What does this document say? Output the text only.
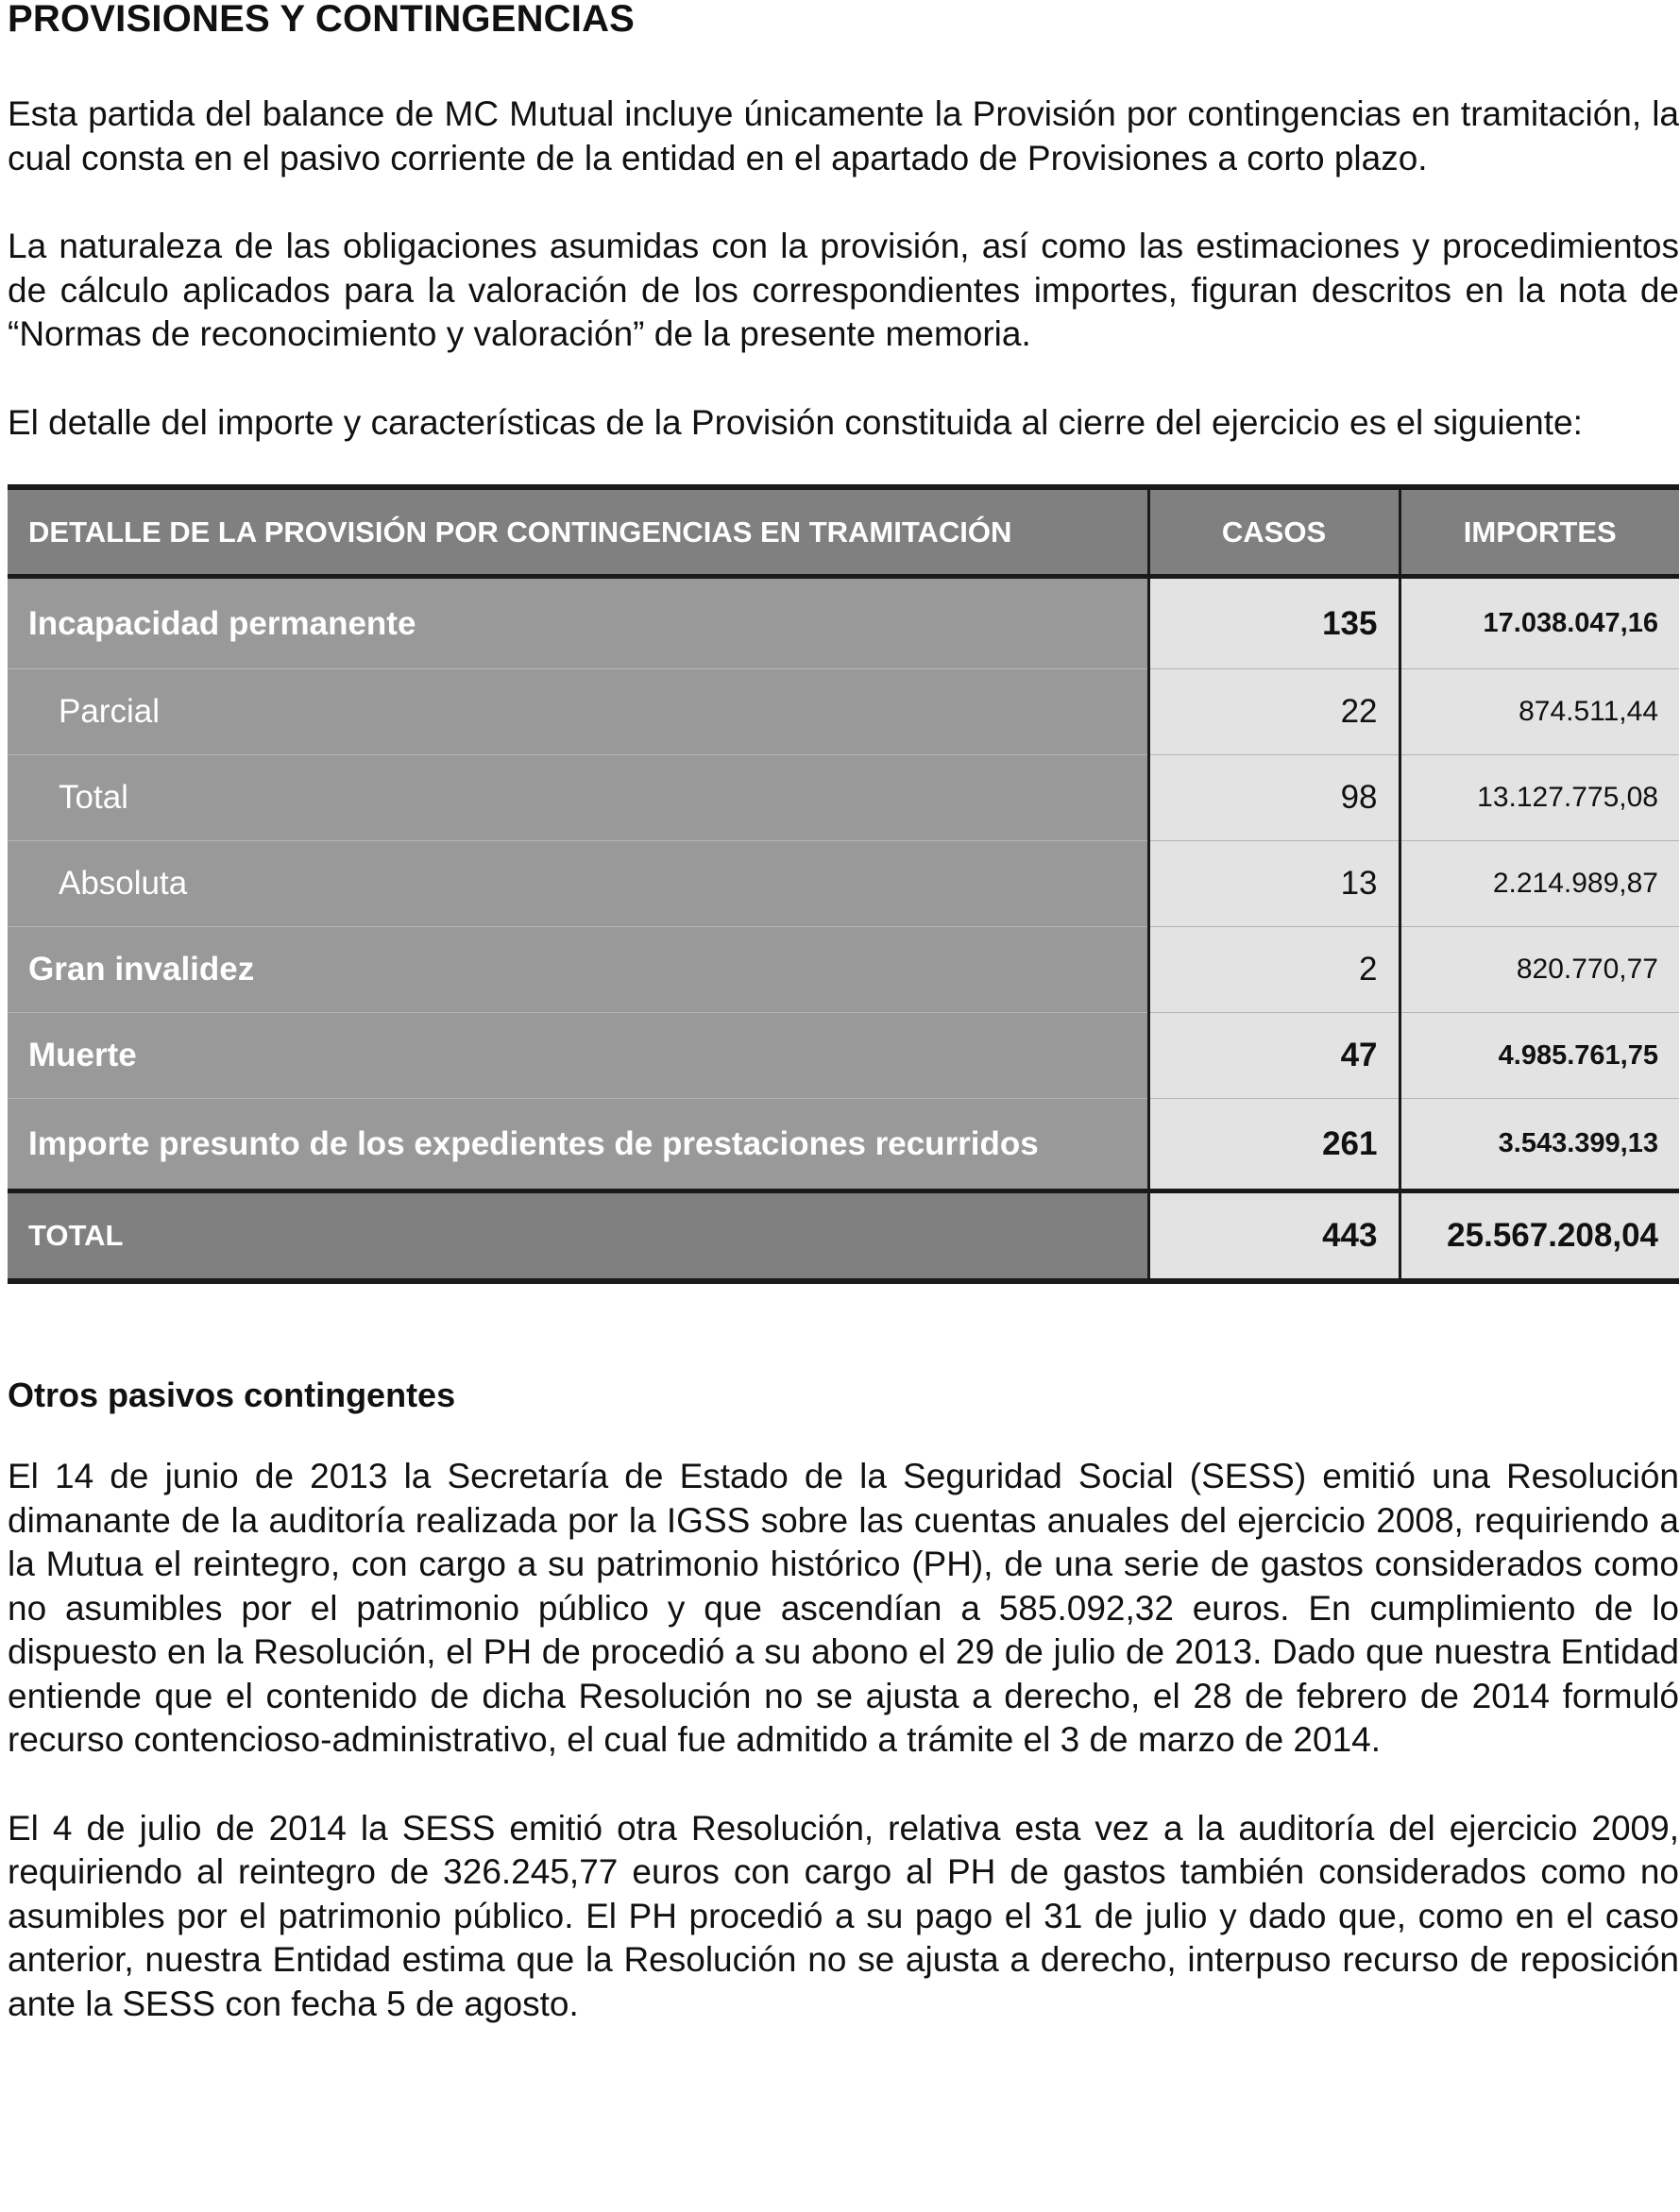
PROVISIONES Y CONTINGENCIAS

Esta partida del balance de MC Mutual incluye únicamente la Provisión por contingencias en tramitación, la cual consta en el pasivo corriente de la entidad en el apartado de Provisiones a corto plazo.

La naturaleza de las obligaciones asumidas con la provisión, así como las estimaciones y procedimientos de cálculo aplicados para la valoración de los correspondientes importes, figuran descritos en la nota de “Normas de reconocimiento y valoración” de la presente memoria.

El detalle del importe y características de la Provisión constituida al cierre del ejercicio es el siguiente:

DETALLE DE LA PROVISIÓN POR CONTINGENCIAS EN TRAMITACIÓN	CASOS	IMPORTES
Incapacidad permanente	135	17.038.047,16
Parcial	22	874.511,44
Total	98	13.127.775,08
Absoluta	13	2.214.989,87
Gran invalidez	2	820.770,77
Muerte	47	4.985.761,75
Importe presunto de los expedientes de prestaciones recurridos	261	3.543.399,13
TOTAL	443	25.567.208,04
Otros pasivos contingentes

El 14 de junio de 2013 la Secretaría de Estado de la Seguridad Social (SESS) emitió una Resolución dimanante de la auditoría realizada por la IGSS sobre las cuentas anuales del ejercicio 2008, requiriendo a la Mutua el reintegro, con cargo a su patrimonio histórico (PH), de una serie de gastos considerados como no asumibles por el patrimonio público y que ascendían a 585.092,32 euros. En cumplimiento de lo dispuesto en la Resolución, el PH de procedió a su abono el 29 de julio de 2013. Dado que nuestra Entidad entiende que el contenido de dicha Resolución no se ajusta a derecho, el 28 de febrero de 2014 formuló recurso contencioso-administrativo, el cual fue admitido a trámite el 3 de marzo de 2014.

El 4 de julio de 2014 la SESS emitió otra Resolución, relativa esta vez a la auditoría del ejercicio 2009, requiriendo al reintegro de 326.245,77 euros con cargo al PH de gastos también considerados como no asumibles por el patrimonio público. El PH procedió a su pago el 31 de julio y dado que, como en el caso anterior, nuestra Entidad estima que la Resolución no se ajusta a derecho, interpuso recurso de reposición ante la SESS con fecha 5 de agosto.
